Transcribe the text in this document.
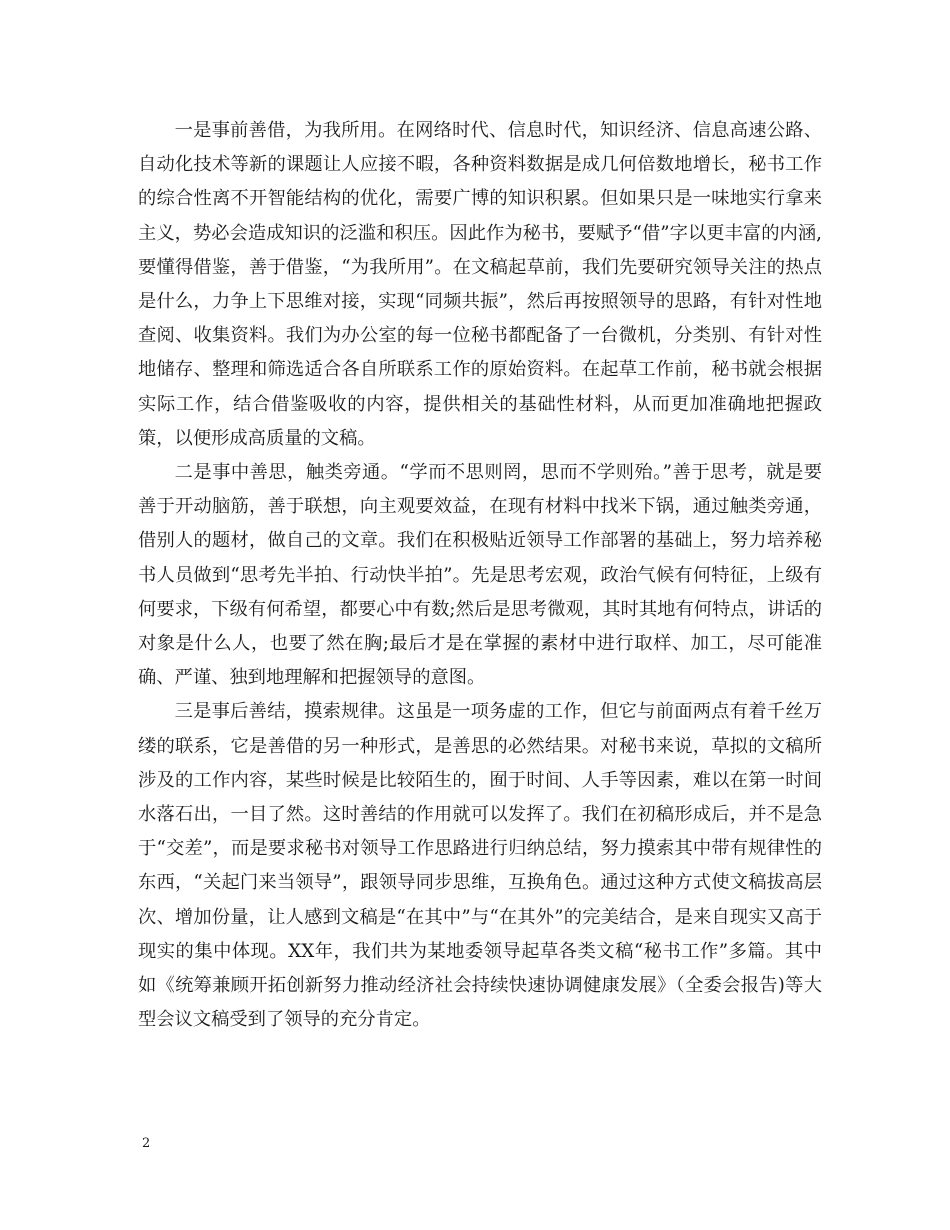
一是事前善借，为我所用。在网络时代、信息时代，知识经济、信息高速公路、自动化技术等新的课题让人应接不暇，各种资料数据是成几何倍数地增长，秘书工作的综合性离不开智能结构的优化，需要广博的知识积累。但如果只是一味地实行拿来主义，势必会造成知识的泛滥和积压。因此作为秘书，要赋予“借”字以更丰富的内涵,要懂得借鉴，善于借鉴，“为我所用”。在文稿起草前，我们先要研究领导关注的热点是什么，力争上下思维对接，实现“同频共振”，然后再按照领导的思路，有针对性地查阅、收集资料。我们为办公室的每一位秘书都配备了一台微机，分类别、有针对性地储存、整理和筛选适合各自所联系工作的原始资料。在起草工作前，秘书就会根据实际工作，结合借鉴吸收的内容，提供相关的基础性材料，从而更加准确地把握政策，以便形成高质量的文稿。

二是事中善思，触类旁通。“学而不思则罔，思而不学则殆。”善于思考，就是要善于开动脑筋，善于联想，向主观要效益，在现有材料中找米下锅，通过触类旁通，借别人的题材，做自己的文章。我们在积极贴近领导工作部署的基础上，努力培养秘书人员做到“思考先半拍、行动快半拍”。先是思考宏观，政治气候有何特征，上级有何要求，下级有何希望，都要心中有数;然后是思考微观，其时其地有何特点，讲话的对象是什么人，也要了然在胸;最后才是在掌握的素材中进行取样、加工，尽可能准确、严谨、独到地理解和把握领导的意图。

三是事后善结，摸索规律。这虽是一项务虚的工作，但它与前面两点有着千丝万缕的联系，它是善借的另一种形式，是善思的必然结果。对秘书来说，草拟的文稿所涉及的工作内容，某些时候是比较陌生的，囿于时间、人手等因素，难以在第一时间水落石出，一目了然。这时善结的作用就可以发挥了。我们在初稿形成后，并不是急于“交差”，而是要求秘书对领导工作思路进行归纳总结，努力摸索其中带有规律性的东西，“关起门来当领导”，跟领导同步思维，互换角色。通过这种方式使文稿拔高层次、增加份量，让人感到文稿是“在其中”与“在其外”的完美结合，是来自现实又高于现实的集中体现。XX年，我们共为某地委领导起草各类文稿“秘书工作”多篇。其中如《统筹兼顾开拓创新努力推动经济社会持续快速协调健康发展》（全委会报告)等大型会议文稿受到了领导的充分肯定。

2
